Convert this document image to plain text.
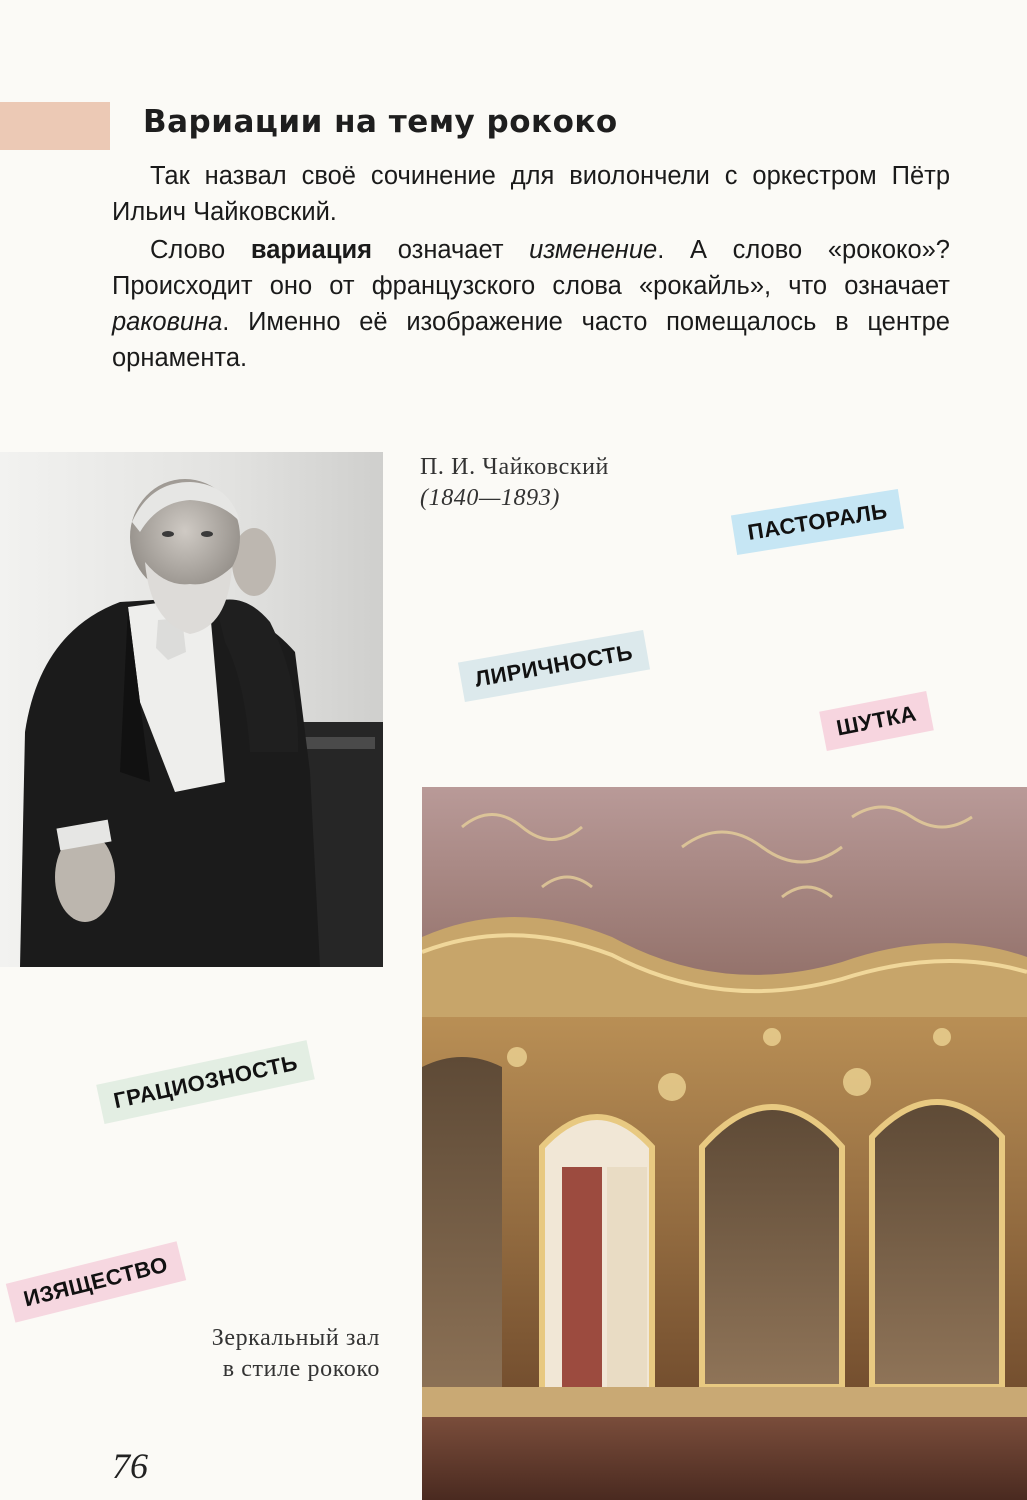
Вариации на тему рококо

Так назвал своё сочинение для виолончели с оркестром Пётр Ильич Чайковский.

Слово вариация означает изменение. А слово «рококо»? Происходит оно от французского слова «рокайль», что означает раковина. Именно её изображение часто помещалось в центре орнамента.

П. И. Чайковский
(1840—1893)
ПАСТОРАЛЬ
ЛИРИЧНОСТЬ
ШУТКА
ГРАЦИОЗНОСТЬ
ИЗЯЩЕСТВО
Зеркальный зал
в стиле рококо
76
